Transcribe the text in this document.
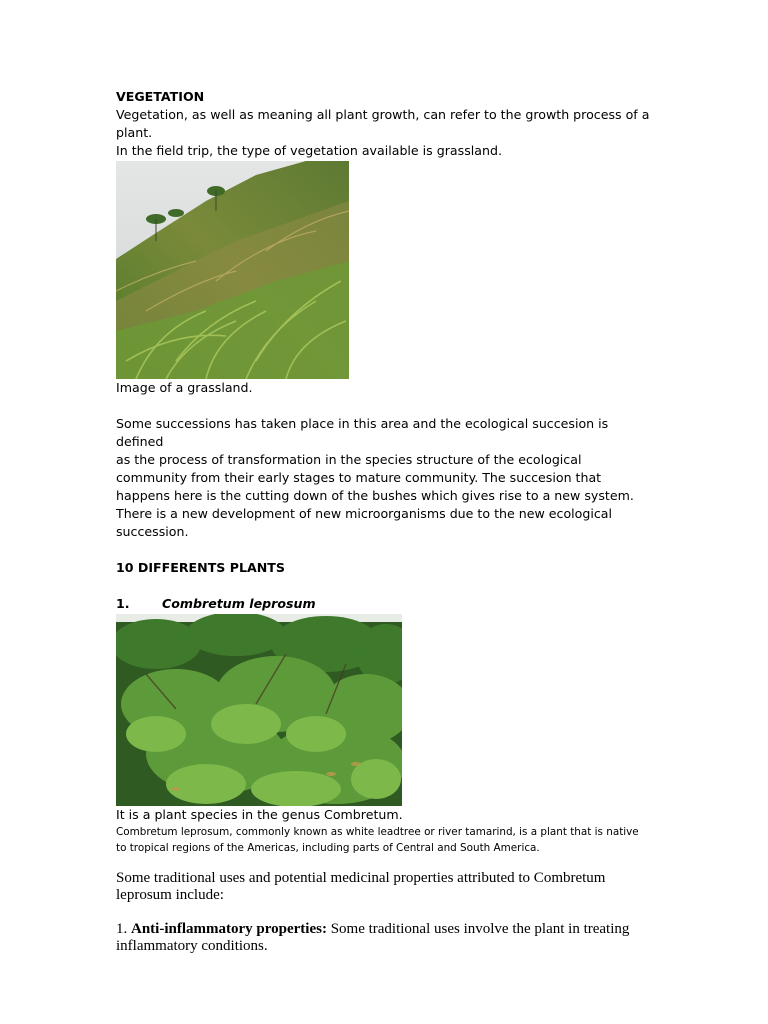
VEGETATION

Vegetation, as well as meaning all plant growth, can refer to the growth process of a

plant.

In the field trip, the type of vegetation available is grassland.

Image of a grassland.

Some successions has taken place in this area and the ecological succesion is defined

as the process of transformation in the species structure of the ecological

community from their early stages to mature community. The succesion that

happens here is the cutting down of the bushes which gives rise to a new system.

There is a new development of new microorganisms due to the new ecological

succession.

10 DIFFERENTS PLANTS

1.	Combretum leprosum

It is a plant species in the genus Combretum.

Combretum leprosum, commonly known as white leadtree or river tamarind, is a plant that is native

to tropical regions of the Americas, including parts of Central and South America.

Some traditional uses and potential medicinal properties attributed to Combretum

leprosum include:

1. Anti-inflammatory properties: Some traditional uses involve the plant in treating

inflammatory conditions.
